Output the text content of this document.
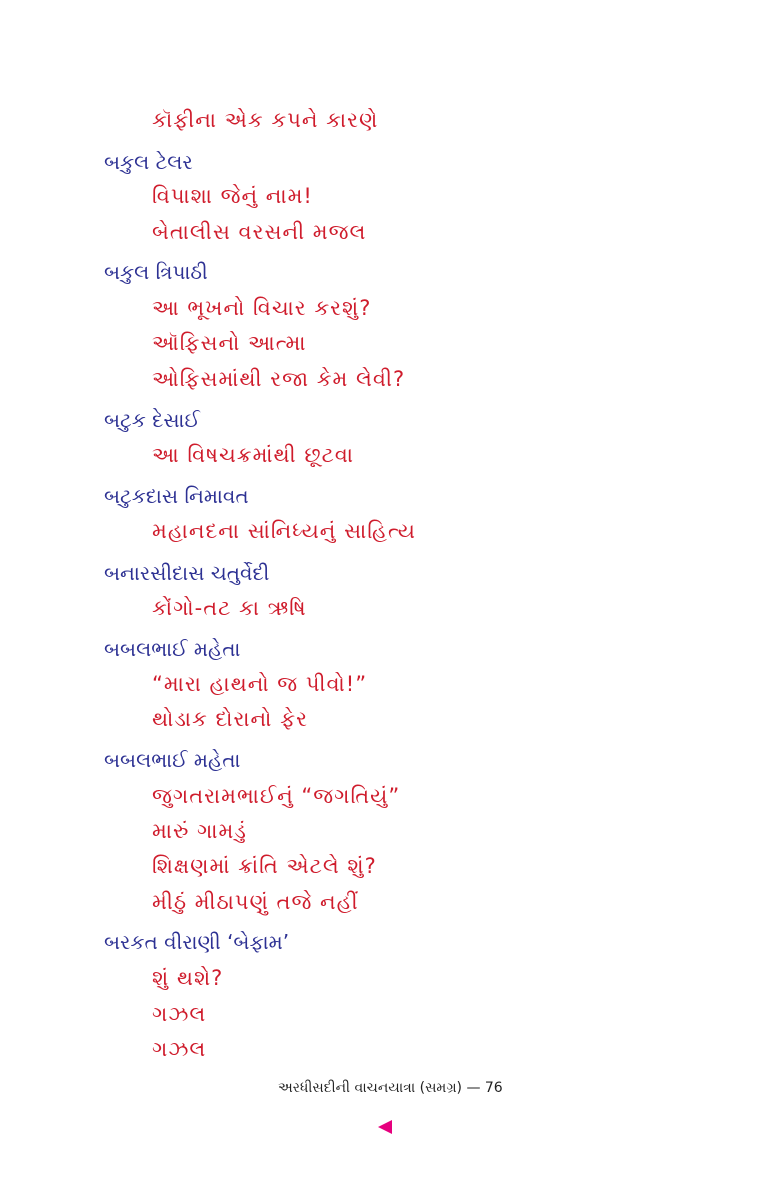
કૉફીના એક કપને કારણે
બકુલ ટેલર
વિપાશા જેનું નામ!
બેતાલીસ વરસની મજલ
બકુલ ત્રિપાઠી
આ ભૂખનો વિચાર કરશું?
ઑફિસનો આત્મા
ઓફિસમાંથી રજા કેમ લેવી?
બટુક દેસાઈ
આ વિષચક્રમાંથી છૂટવા
બટુકદાસ નિમાવત
મહાનદના સાંનિધ્યનું સાહિત્ય
બનારસીદાસ ચતુર્વેદી
કોંગો-તટ કા ઋષિ
બબલભાઈ મહેતા
“મારા હાથનો જ પીવો!”
થોડાક દોરાનો ફેર
બબલભાઈ મહેતા
જુગતરામભાઈનું “જગતિયું”
મારું ગામડું
શિક્ષણમાં ક્રાંતિ એટલે શું?
મીઠું મીઠાપણું તજે નહીં
બરકત વીરાણી ‘બેફામ’
શું થશે?
ગઝલ
ગઝલ
અરધીસદીની વાચનયાત્રા (સમગ્ર) — 76
